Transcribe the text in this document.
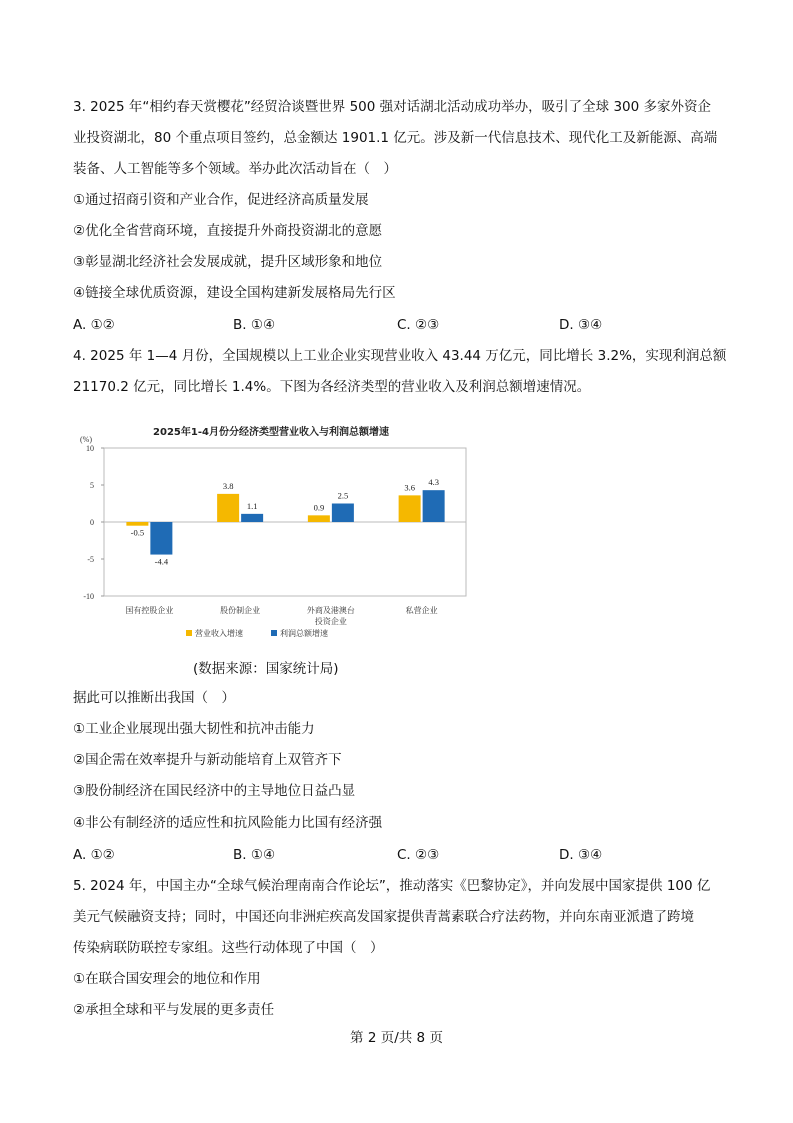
3. 2025 年“相约春天赏樱花”经贸洽谈暨世界 500 强对话湖北活动成功举办，吸引了全球 300 多家外资企
业投资湖北，80 个重点项目签约，总金额达 1901.1 亿元。涉及新一代信息技术、现代化工及新能源、高端
装备、人工智能等多个领域。举办此次活动旨在（　）
①通过招商引资和产业合作，促进经济高质量发展
②优化全省营商环境，直接提升外商投资湖北的意愿
③彰显湖北经济社会发展成就，提升区域形象和地位
④链接全球优质资源，建设全国构建新发展格局先行区
A. ①②	B. ①④	C. ②③	D. ③④
4. 2025 年 1—4 月份，全国规模以上工业企业实现营业收入 43.44 万亿元，同比增长 3.2%，实现利润总额
21170.2 亿元，同比增长 1.4%。下图为各经济类型的营业收入及利润总额增速情况。
2025年1-4月份分经济类型营业收入与利润总额增速
(%)
-10
-5
0
5
10
-0.5
-4.4
国有控股企业
3.8
1.1
股份制企业
0.9
2.5
外商及港澳台
投资企业
3.6
4.3
私营企业
营业收入增速	利润总额增速
(数据来源：国家统计局)
据此可以推断出我国（　）
①工业企业展现出强大韧性和抗冲击能力
②国企需在效率提升与新动能培育上双管齐下
③股份制经济在国民经济中的主导地位日益凸显
④非公有制经济的适应性和抗风险能力比国有经济强
A. ①②	B. ①④	C. ②③	D. ③④
5. 2024 年，中国主办“全球气候治理南南合作论坛”，推动落实《巴黎协定》，并向发展中国家提供 100 亿
美元气候融资支持；同时，中国还向非洲疟疾高发国家提供青蒿素联合疗法药物，并向东南亚派遣了跨境
传染病联防联控专家组。这些行动体现了中国（　）
①在联合国安理会的地位和作用
②承担全球和平与发展的更多责任
第 2 页/共 8 页
